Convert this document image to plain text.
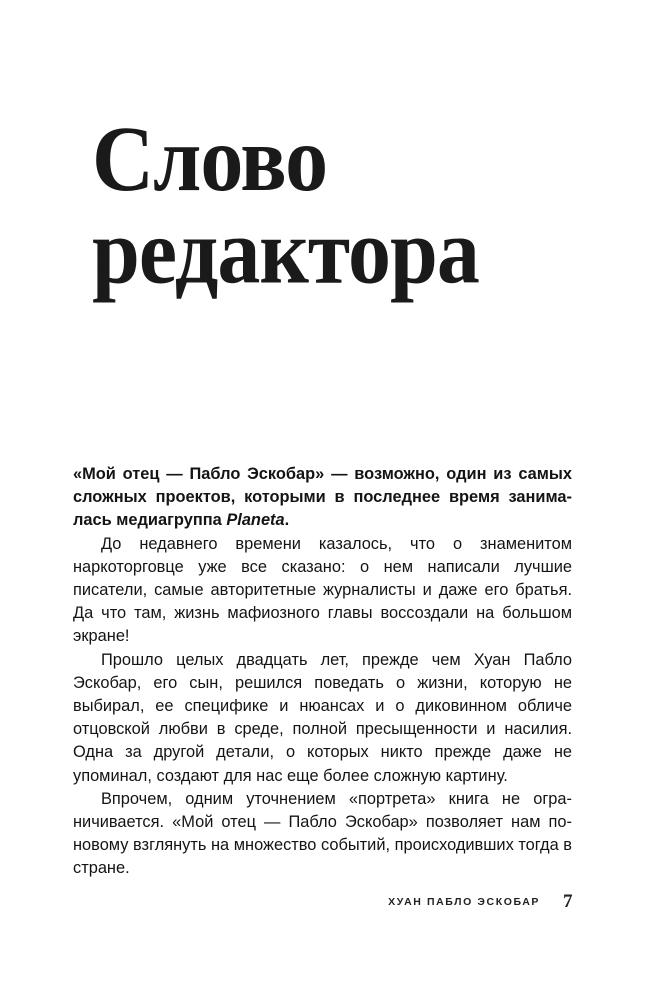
Слово
редактора

«Мой отец — Пабло Эскобар» — возможно, один из самых сложных проектов, которыми в последнее время занималась медиагруппа Planeta.

До недавнего времени казалось, что о знаменитом наркоторговце уже все сказано: о нем написали лучшие писатели, самые авторитетные журналисты и даже его братья. Да что там, жизнь мафиозного главы воссоздали на большом экране!

Прошло целых двадцать лет, прежде чем Хуан Пабло Эскобар, его сын, решился поведать о жизни, которую не выбирал, ее специфике и нюансах и о диковинном обличе отцовской любви в среде, полной пресыщенности и насилия. Одна за другой детали, о которых никто прежде даже не упоминал, создают для нас еще более сложную картину.

Впрочем, одним уточнением «портрета» книга не ограничивается. «Мой отец — Пабло Эскобар» позволяет нам по-новому взглянуть на множество событий, происходивших тогда в стране.

ХУАН ПАБЛО ЭСКОБАР 7
